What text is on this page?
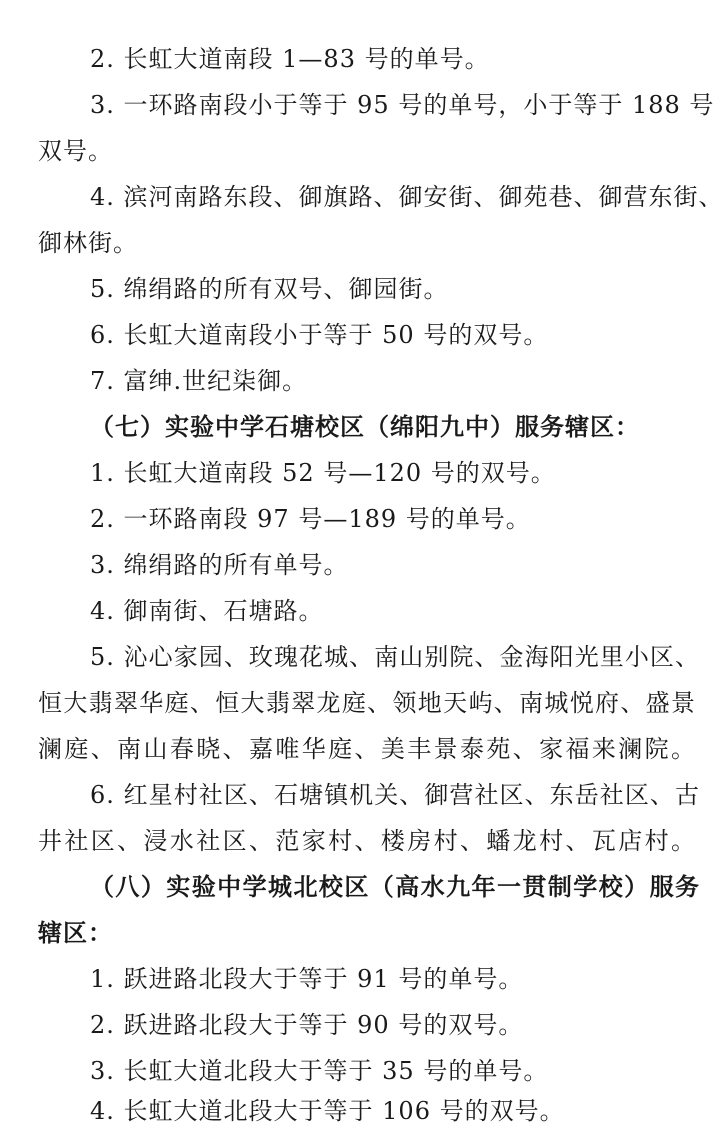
2. 长虹大道南段 1—83 号的单号。
3. 一环路南段小于等于 95 号的单号，小于等于 188 号
双号。
4. 滨河南路东段、御旗路、御安街、御苑巷、御营东街、
御林街。
5. 绵绢路的所有双号、御园街。
6. 长虹大道南段小于等于 50 号的双号。
7. 富绅.世纪柒御。
（七）实验中学石塘校区（绵阳九中）服务辖区：
1. 长虹大道南段 52 号—120 号的双号。
2. 一环路南段 97 号—189 号的单号。
3. 绵绢路的所有单号。
4. 御南街、石塘路。
5. 沁心家园、玫瑰花城、南山别院、金海阳光里小区、
恒大翡翠华庭、恒大翡翠龙庭、领地天屿、南城悦府、盛景
澜庭、南山春晓、嘉唯华庭、美丰景泰苑、家福来澜院。
6. 红星村社区、石塘镇机关、御营社区、东岳社区、古
井社区、浸水社区、范家村、楼房村、蟠龙村、瓦店村。
（八）实验中学城北校区（高水九年一贯制学校）服务
辖区：
1. 跃进路北段大于等于 91 号的单号。
2. 跃进路北段大于等于 90 号的双号。
3. 长虹大道北段大于等于 35 号的单号。
4. 长虹大道北段大于等于 106 号的双号。
